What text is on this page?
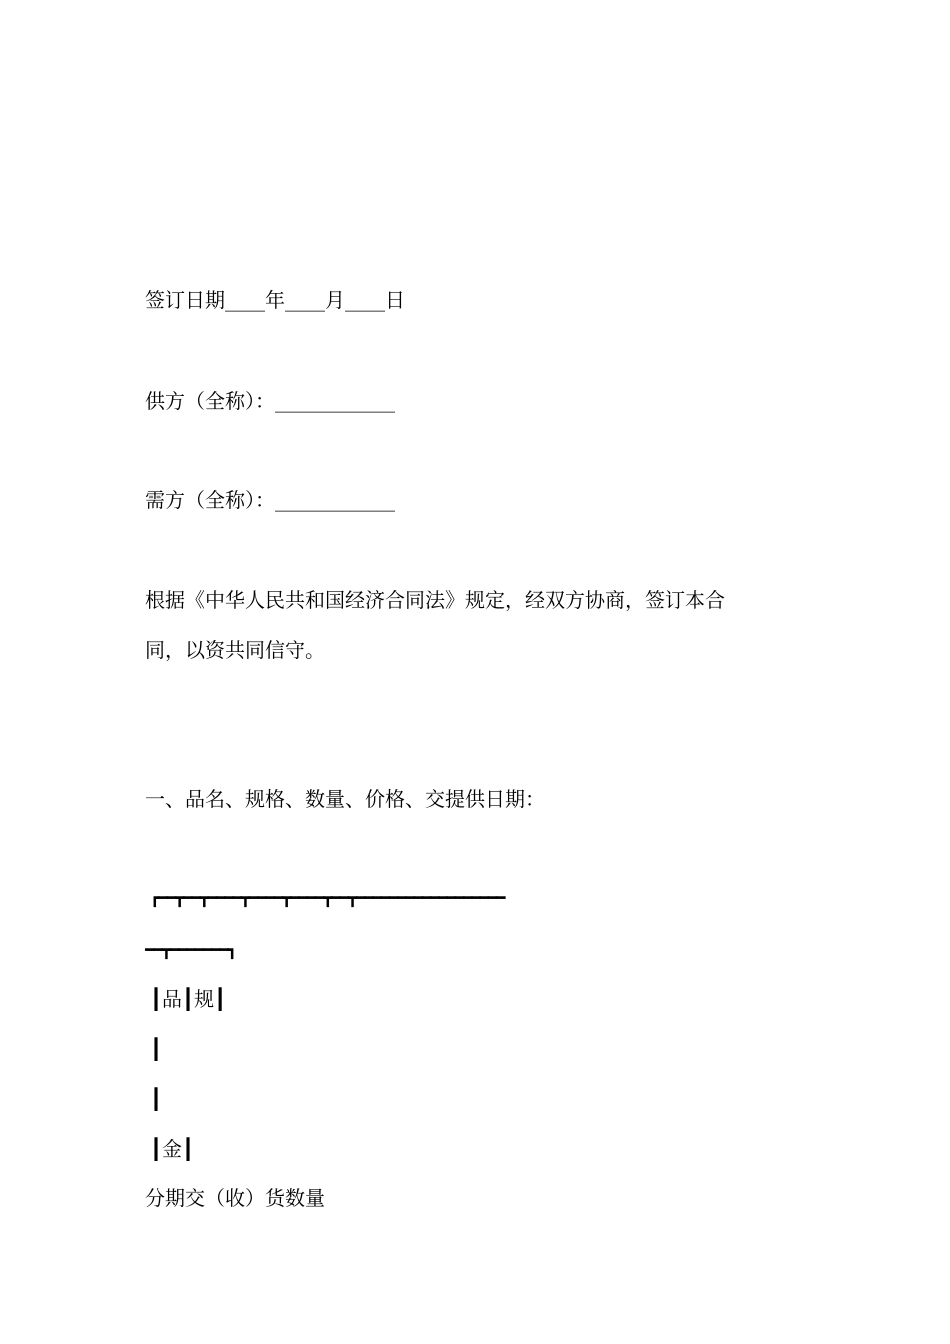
签订日期____年____月____日

供方（全称）：____________

需方（全称）：____________

根据《中华人民共和国经济合同法》规定，经双方协商，签订本合

同，以资共同信守。

一、品名、规格、数量、价格、交提供日期：

┏━━┳━━┳━━━━┳━━━━┳━━━━┳━━┳━━━━━━━━━━━━━━━━━━

━━┳━━━━━━━┓

┃品┃规┃

┃

┃

┃金┃

分期交（收）货数量
